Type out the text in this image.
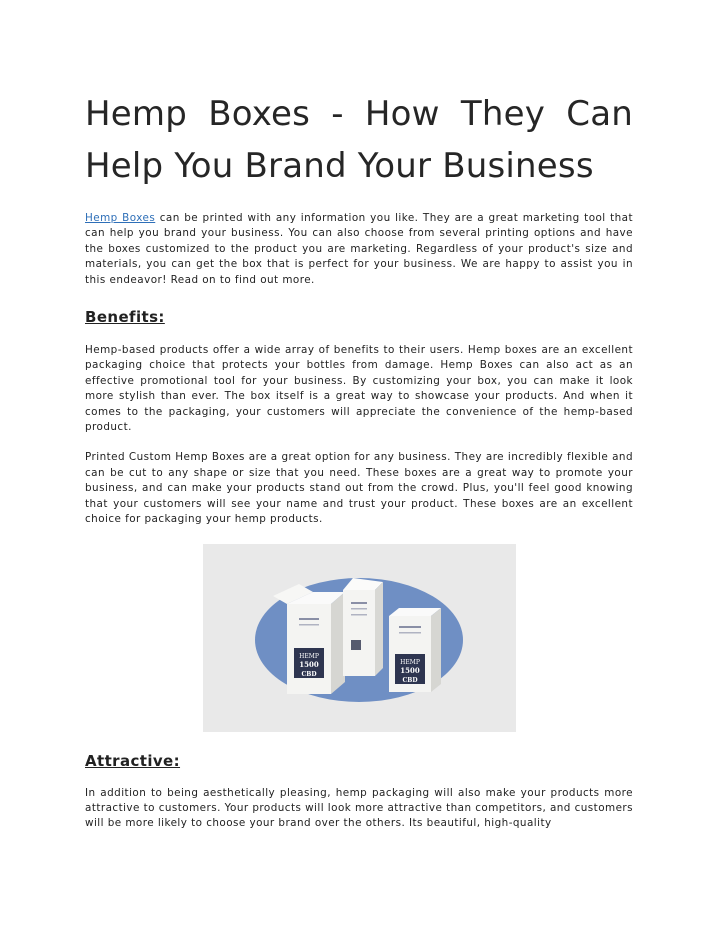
Hemp Boxes - How They Can Help You Brand Your Business

Hemp Boxes can be printed with any information you like. They are a great marketing tool that can help you brand your business. You can also choose from several printing options and have the boxes customized to the product you are marketing. Regardless of your product's size and materials, you can get the box that is perfect for your business. We are happy to assist you in this endeavor! Read on to find out more.

Benefits:

Hemp-based products offer a wide array of benefits to their users. Hemp boxes are an excellent packaging choice that protects your bottles from damage. Hemp Boxes can also act as an effective promotional tool for your business. By customizing your box, you can make it look more stylish than ever. The box itself is a great way to showcase your products. And when it comes to the packaging, your customers will appreciate the convenience of the hemp-based product.

Printed Custom Hemp Boxes are a great option for any business. They are incredibly flexible and can be cut to any shape or size that you need. These boxes are a great way to promote your business, and can make your products stand out from the crowd. Plus, you'll feel good knowing that your customers will see your name and trust your product. These boxes are an excellent choice for packaging your hemp products.

HEMP
1500
CBD
HEMP
1500
CBD
Attractive:

In addition to being aesthetically pleasing, hemp packaging will also make your products more attractive to customers. Your products will look more attractive than competitors, and customers will be more likely to choose your brand over the others. Its beautiful, high-quality
